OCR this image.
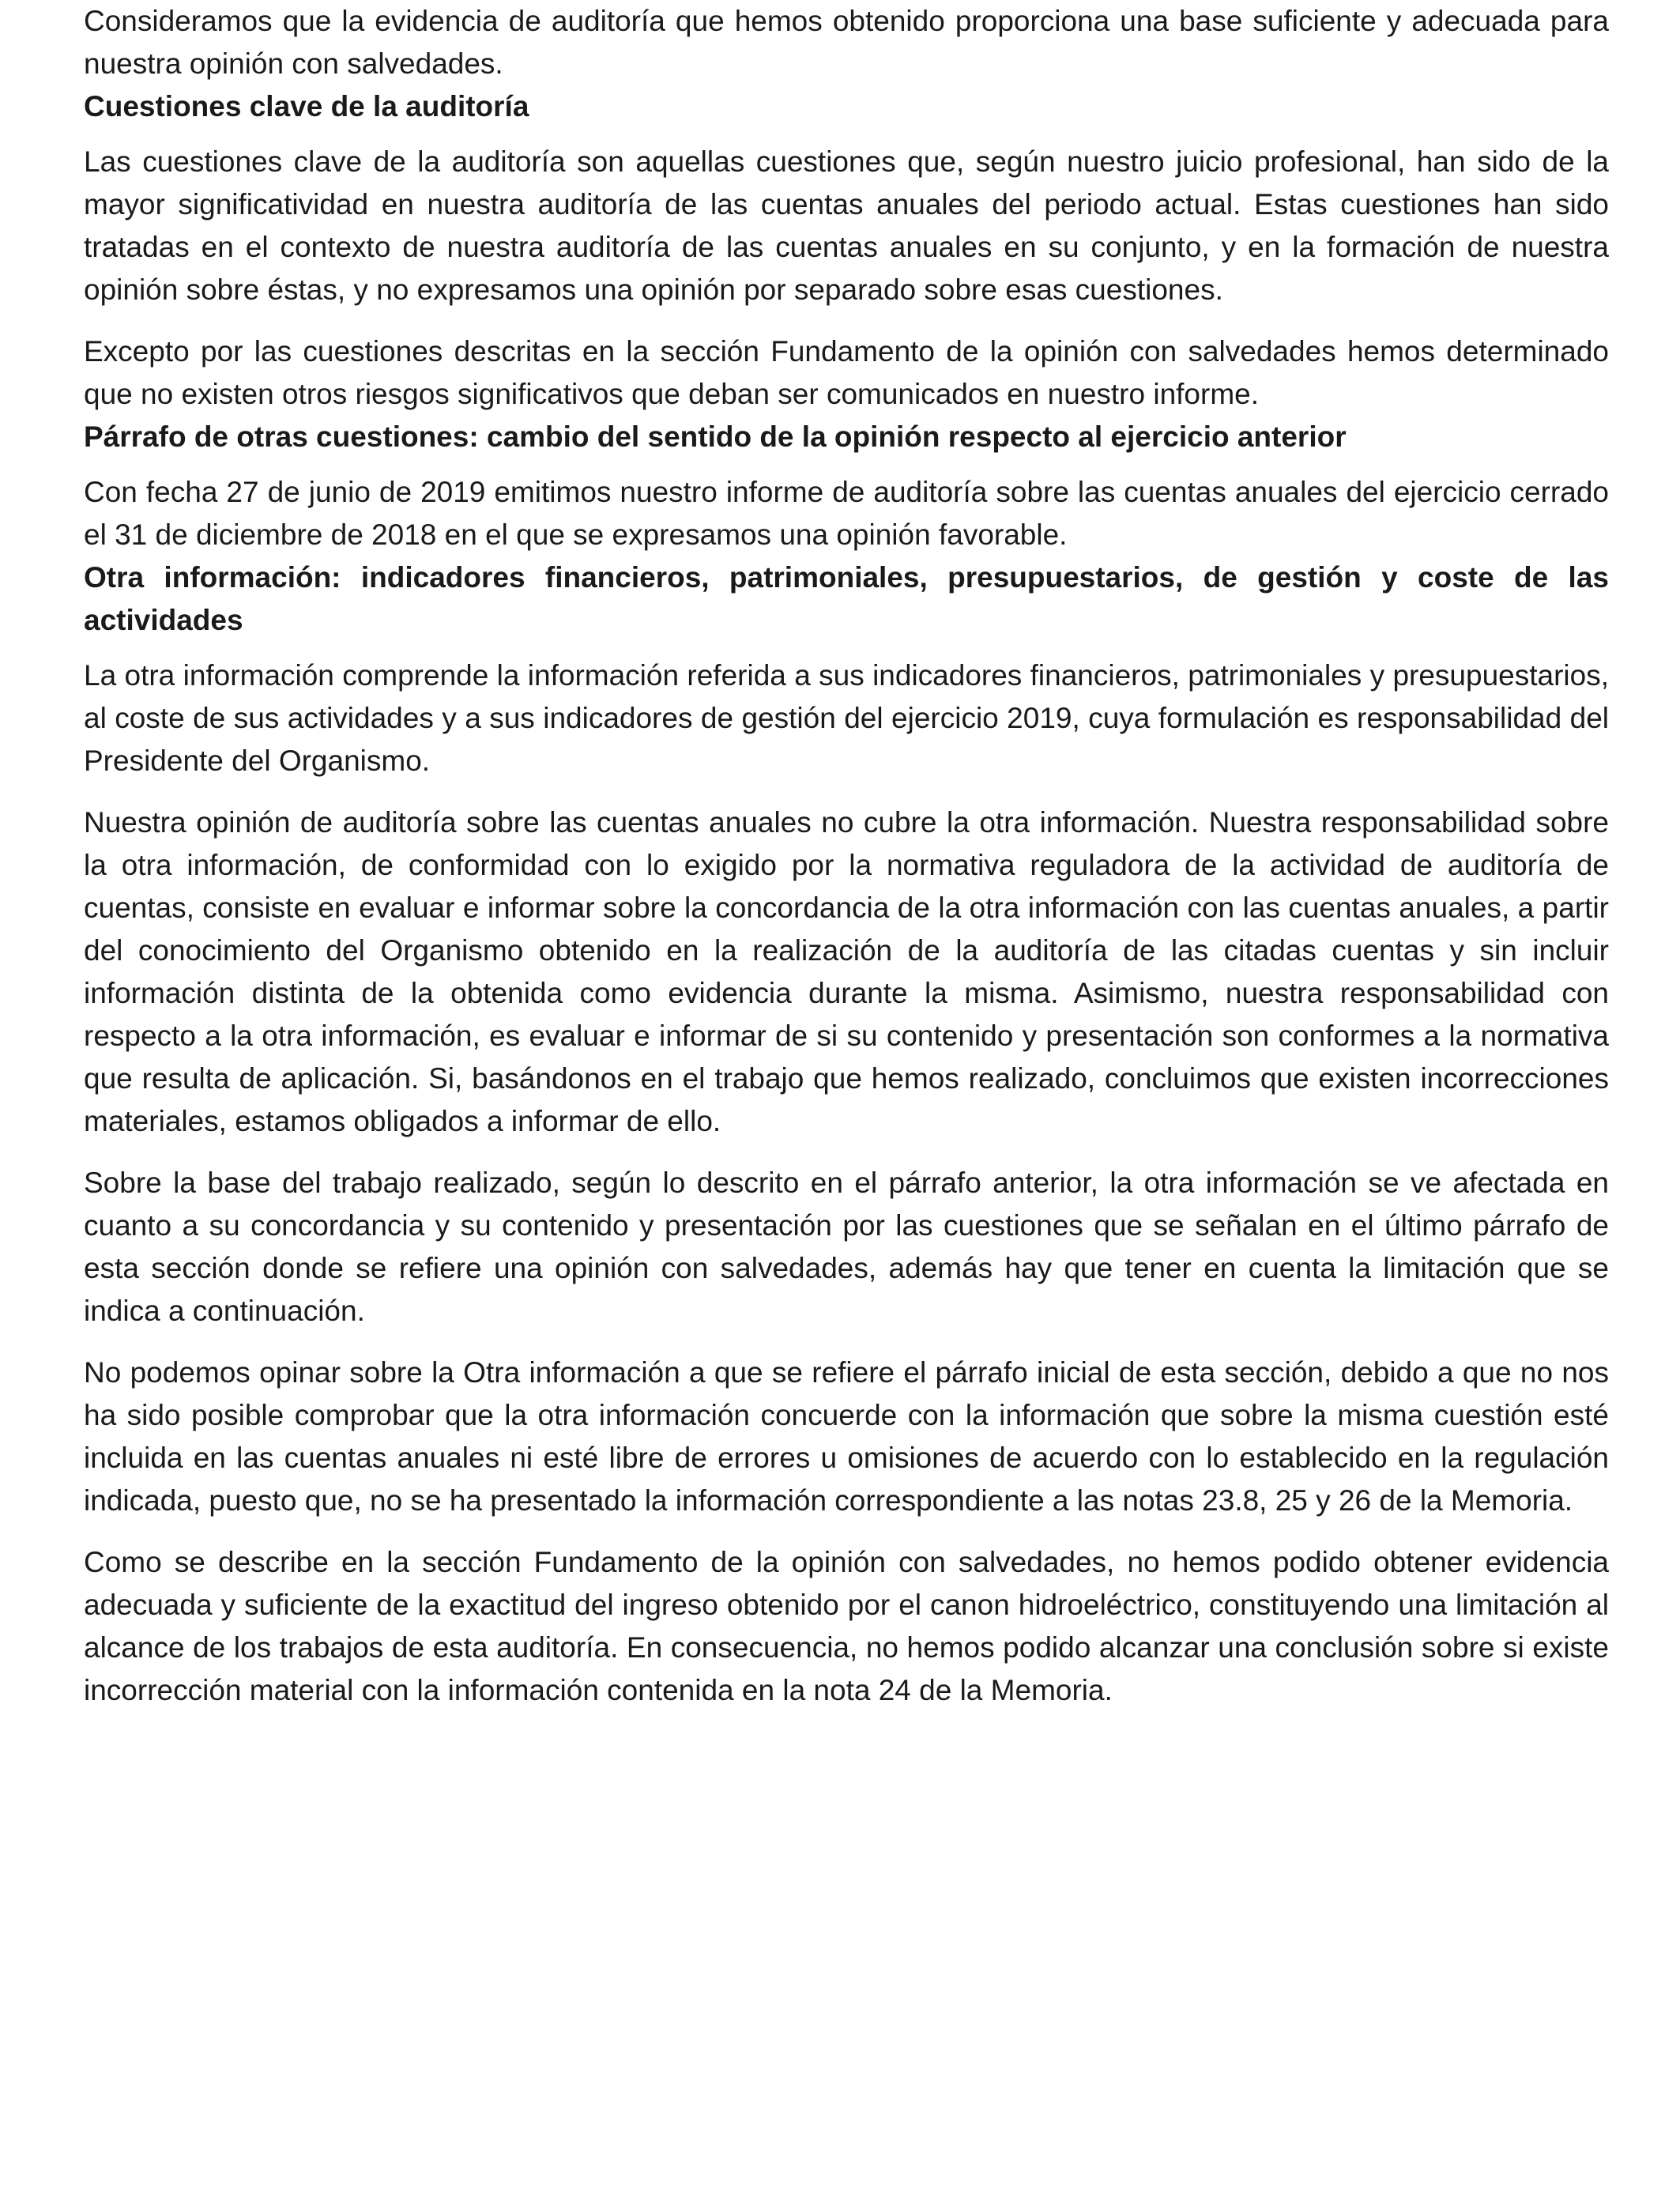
Consideramos que la evidencia de auditoría que hemos obtenido proporciona una base suficiente y adecuada para nuestra opinión con salvedades.

Cuestiones clave de la auditoría

Las cuestiones clave de la auditoría son aquellas cuestiones que, según nuestro juicio profesional, han sido de la mayor significatividad en nuestra auditoría de las cuentas anuales del periodo actual. Estas cuestiones han sido tratadas en el contexto de nuestra auditoría de las cuentas anuales en su conjunto, y en la formación de nuestra opinión sobre éstas, y no expresamos una opinión por separado sobre esas cuestiones.

Excepto por las cuestiones descritas en la sección Fundamento de la opinión con salvedades hemos determinado que no existen otros riesgos significativos que deban ser comunicados en nuestro informe.

Párrafo de otras cuestiones: cambio del sentido de la opinión respecto al ejercicio anterior

Con fecha 27 de junio de 2019 emitimos nuestro informe de auditoría sobre las cuentas anuales del ejercicio cerrado el 31 de diciembre de 2018 en el que se expresamos una opinión favorable.

Otra información: indicadores financieros, patrimoniales, presupuestarios, de gestión y coste de las actividades

La otra información comprende la información referida a sus indicadores financieros, patrimoniales y presupuestarios, al coste de sus actividades y a sus indicadores de gestión del ejercicio 2019, cuya formulación es responsabilidad del Presidente del Organismo.

Nuestra opinión de auditoría sobre las cuentas anuales no cubre la otra información. Nuestra responsabilidad sobre la otra información, de conformidad con lo exigido por la normativa reguladora de la actividad de auditoría de cuentas, consiste en evaluar e informar sobre la concordancia de la otra información con las cuentas anuales, a partir del conocimiento del Organismo obtenido en la realización de la auditoría de las citadas cuentas y sin incluir información distinta de la obtenida como evidencia durante la misma. Asimismo, nuestra responsabilidad con respecto a la otra información, es evaluar e informar de si su contenido y presentación son conformes a la normativa que resulta de aplicación. Si, basándonos en el trabajo que hemos realizado, concluimos que existen incorrecciones materiales, estamos obligados a informar de ello.

Sobre la base del trabajo realizado, según lo descrito en el párrafo anterior, la otra información se ve afectada en cuanto a su concordancia y su contenido y presentación por las cuestiones que se señalan en el último párrafo de esta sección donde se refiere una opinión con salvedades, además hay que tener en cuenta la limitación que se indica a continuación.

No podemos opinar sobre la Otra información a que se refiere el párrafo inicial de esta sección, debido a que no nos ha sido posible comprobar que la otra información concuerde con la información que sobre la misma cuestión esté incluida en las cuentas anuales ni esté libre de errores u omisiones de acuerdo con lo establecido en la regulación indicada, puesto que, no se ha presentado la información correspondiente a las notas 23.8, 25 y 26 de la Memoria.

Como se describe en la sección Fundamento de la opinión con salvedades, no hemos podido obtener evidencia adecuada y suficiente de la exactitud del ingreso obtenido por el canon hidroeléctrico, constituyendo una limitación al alcance de los trabajos de esta auditoría. En consecuencia, no hemos podido alcanzar una conclusión sobre si existe incorrección material con la información contenida en la nota 24 de la Memoria.
